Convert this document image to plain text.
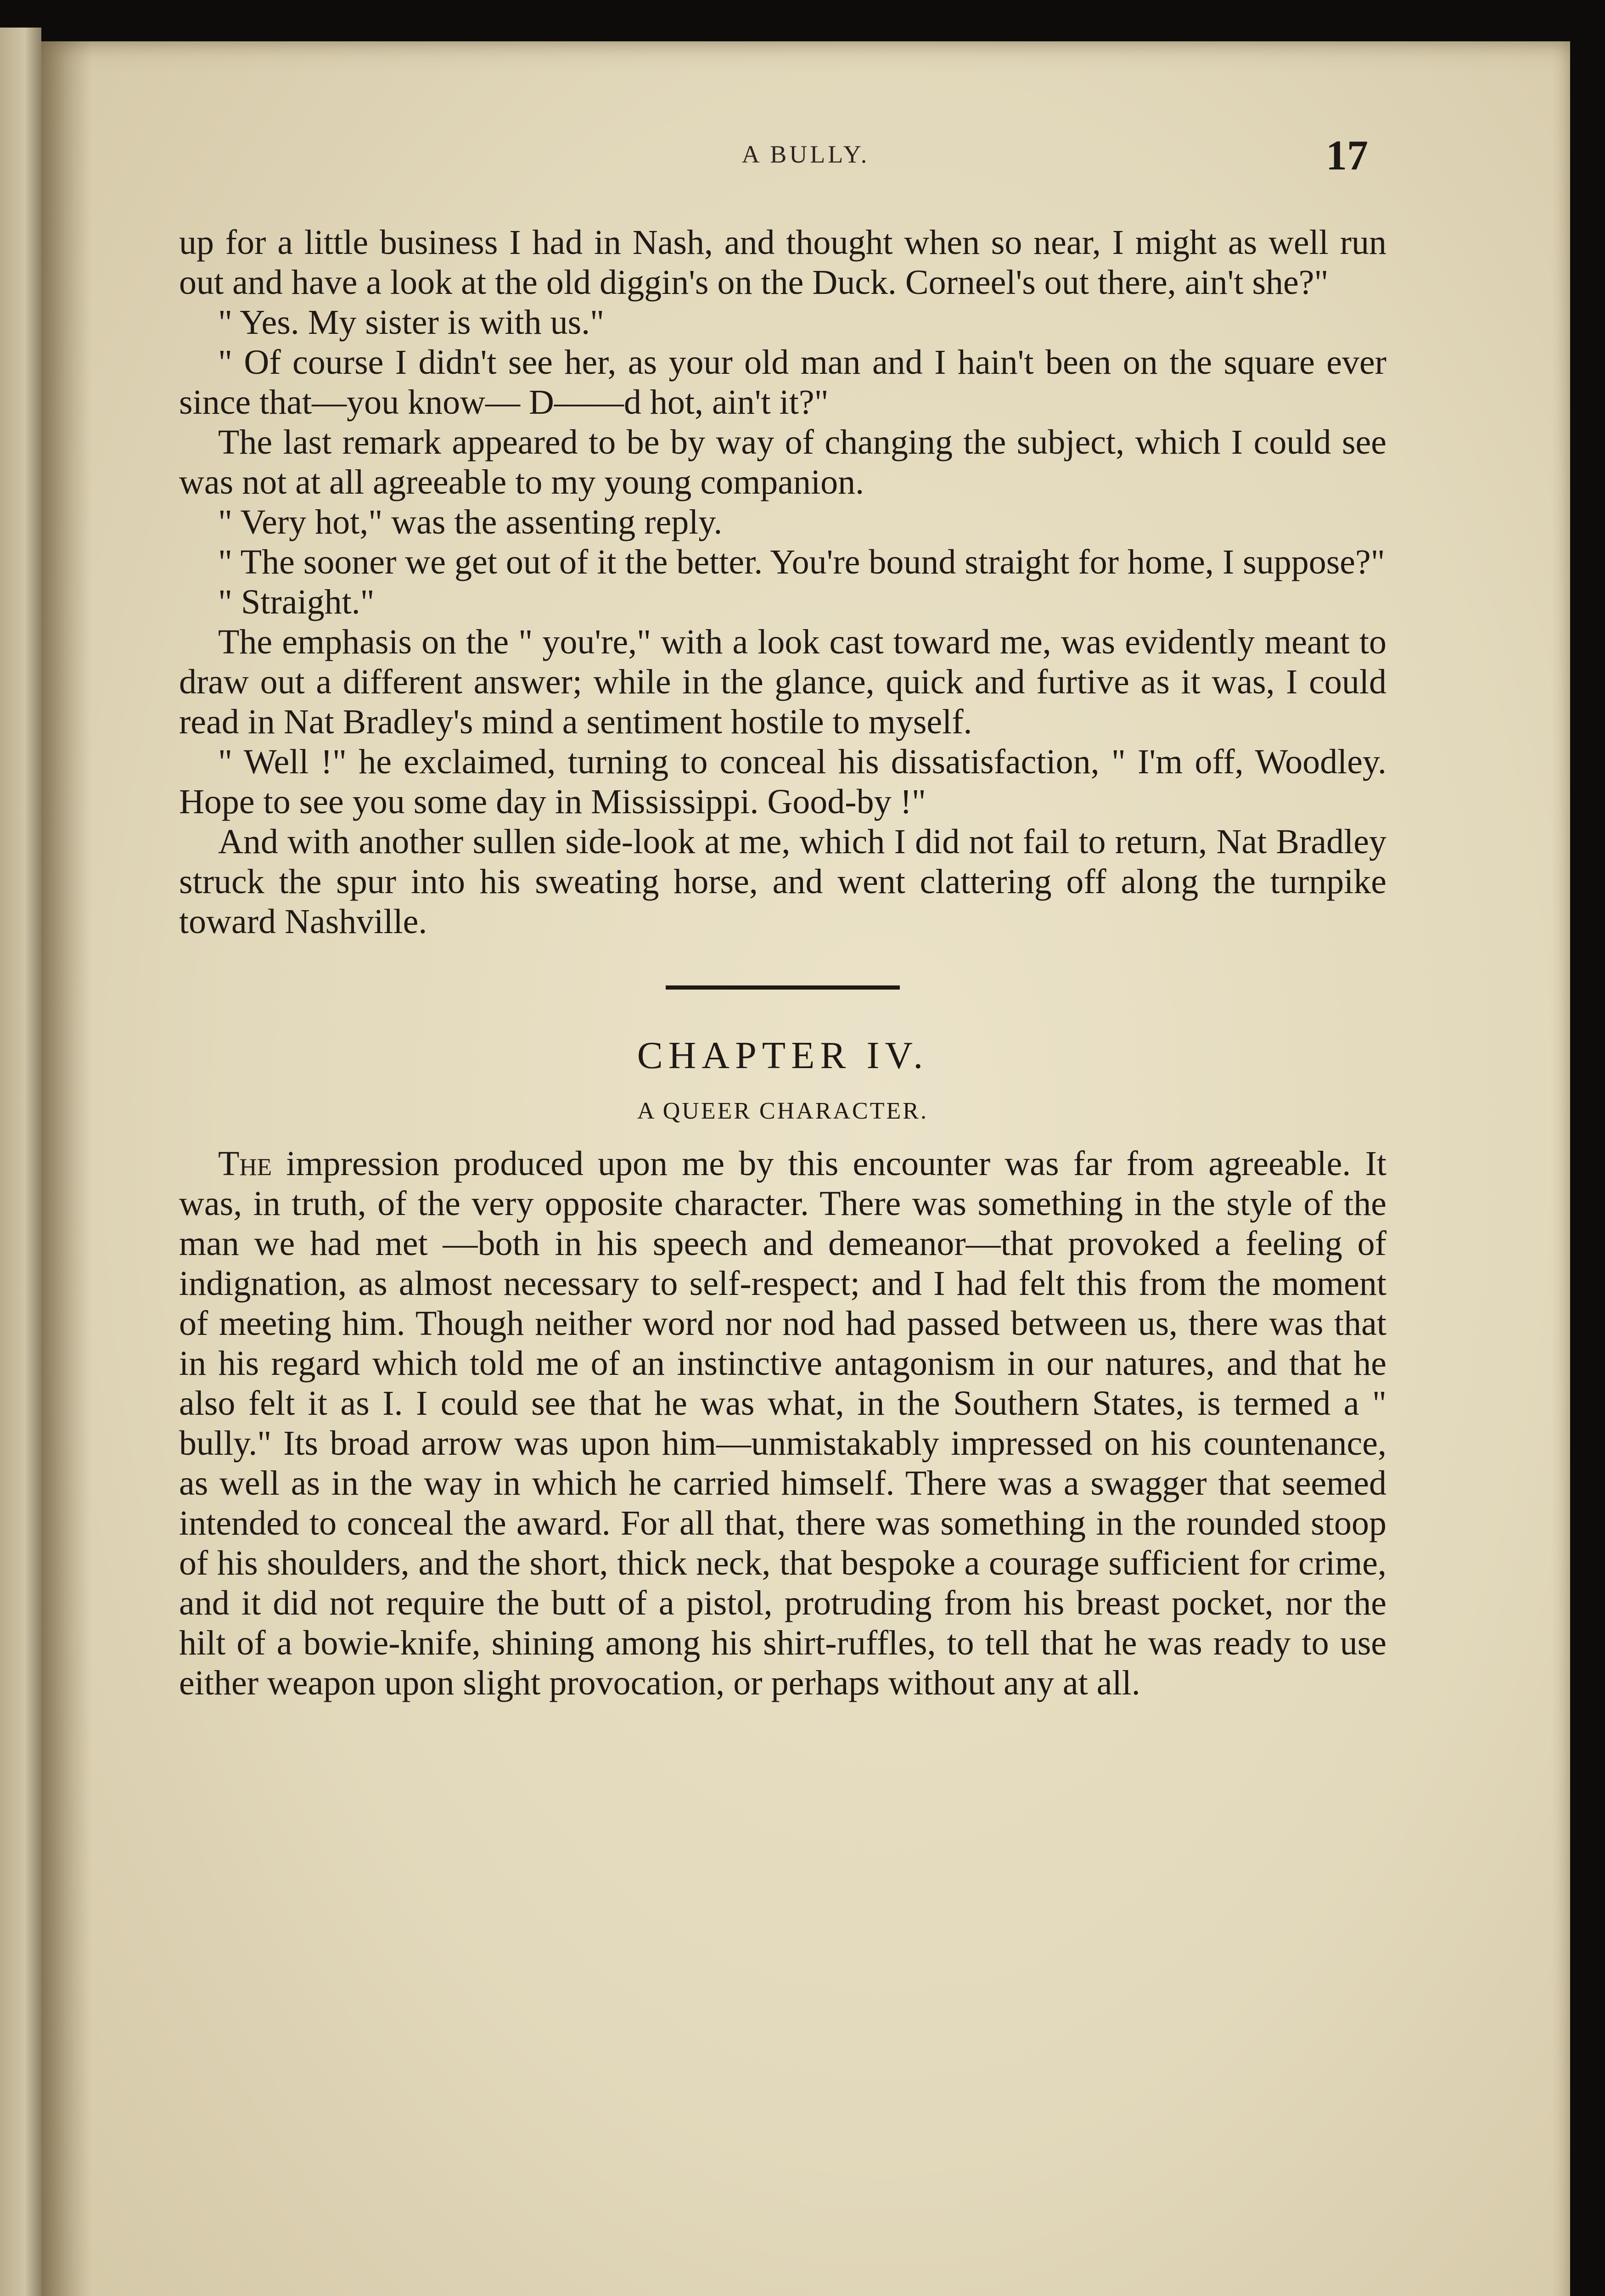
A BULLY.	17

up for a little business I had in Nash, and thought when so near, I might as well run out and have a look at the old diggin's on the Duck. Corneel's out there, ain't she?"

" Yes. My sister is with us."

" Of course I didn't see her, as your old man and I hain't been on the square ever since that—you know— D——d hot, ain't it?"

The last remark appeared to be by way of changing the subject, which I could see was not at all agreeable to my young companion.

" Very hot," was the assenting reply.

" The sooner we get out of it the better. You're bound straight for home, I suppose?"

" Straight."

The emphasis on the " you're," with a look cast toward me, was evidently meant to draw out a different answer; while in the glance, quick and furtive as it was, I could read in Nat Bradley's mind a sentiment hostile to myself.

" Well !" he exclaimed, turning to conceal his dissatisfaction, " I'm off, Woodley. Hope to see you some day in Mississippi. Good-by !"

And with another sullen side-look at me, which I did not fail to return, Nat Bradley struck the spur into his sweating horse, and went clattering off along the turnpike toward Nashville.

CHAPTER IV.
A QUEER CHARACTER.

The impression produced upon me by this encounter was far from agreeable. It was, in truth, of the very opposite character. There was something in the style of the man we had met —both in his speech and demeanor—that provoked a feeling of indignation, as almost necessary to self-respect; and I had felt this from the moment of meeting him. Though neither word nor nod had passed between us, there was that in his regard which told me of an instinctive antagonism in our natures, and that he also felt it as I. I could see that he was what, in the Southern States, is termed a " bully." Its broad arrow was upon him—unmistakably impressed on his countenance, as well as in the way in which he carried himself. There was a swagger that seemed intended to conceal the award. For all that, there was something in the rounded stoop of his shoulders, and the short, thick neck, that bespoke a courage sufficient for crime, and it did not require the butt of a pistol, protruding from his breast pocket, nor the hilt of a bowie-knife, shining among his shirt-ruffles, to tell that he was ready to use either weapon upon slight provocation, or perhaps without any at all.
